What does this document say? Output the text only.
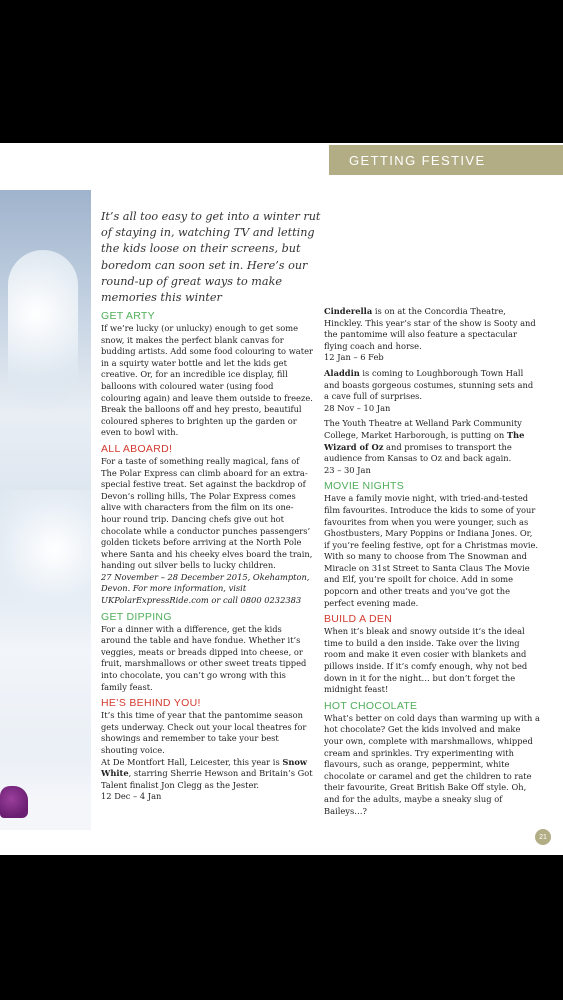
GETTING FESTIVE
It’s all too easy to get into a winter rut of staying in, watching TV and letting the kids loose on their screens, but boredom can soon set in. Here’s our round-up of great ways to make memories this winter
GET ARTY

If we’re lucky (or unlucky) enough to get some snow, it makes the perfect blank canvas for budding artists. Add some food colouring to water in a squirty water bottle and let the kids get creative. Or, for an incredible ice display, fill balloons with coloured water (using food colouring again) and leave them outside to freeze. Break the balloons off and hey presto, beautiful coloured spheres to brighten up the garden or even to bowl with.

ALL ABOARD!

For a taste of something really magical, fans of The Polar Express can climb aboard for an extra-special festive treat. Set against the backdrop of Devon’s rolling hills, The Polar Express comes alive with characters from the film on its one-hour round trip. Dancing chefs give out hot chocolate while a conductor punches passengers’ golden tickets before arriving at the North Pole where Santa and his cheeky elves board the train, handing out silver bells to lucky children.

27 November – 28 December 2015, Okehampton, Devon. For more information, visit UKPolarExpressRide.com or call 0800 0232383

GET DIPPING

For a dinner with a difference, get the kids around the table and have fondue. Whether it’s veggies, meats or breads dipped into cheese, or fruit, marshmallows or other sweet treats tipped into chocolate, you can’t go wrong with this family feast.

HE’S BEHIND YOU!

It’s this time of year that the pantomime season gets underway. Check out your local theatres for showings and remember to take your best shouting voice.

At De Montfort Hall, Leicester, this year is Snow White, starring Sherrie Hewson and Britain’s Got Talent finalist Jon Clegg as the Jester.

12 Dec – 4 Jan

Cinderella is on at the Concordia Theatre, Hinckley. This year’s star of the show is Sooty and the pantomime will also feature a spectacular flying coach and horse.

12 Jan – 6 Feb

Aladdin is coming to Loughborough Town Hall and boasts gorgeous costumes, stunning sets and a cave full of surprises.

28 Nov – 10 Jan

The Youth Theatre at Welland Park Community College, Market Harborough, is putting on The Wizard of Oz and promises to transport the audience from Kansas to Oz and back again.

23 – 30 Jan

MOVIE NIGHTS

Have a family movie night, with tried-and-tested film favourites. Introduce the kids to some of your favourites from when you were younger, such as Ghostbusters, Mary Poppins or Indiana Jones. Or, if you’re feeling festive, opt for a Christmas movie. With so many to choose from The Snowman and Miracle on 31st Street to Santa Claus The Movie and Elf, you’re spoilt for choice. Add in some popcorn and other treats and you’ve got the perfect evening made.

BUILD A DEN

When it’s bleak and snowy outside it’s the ideal time to build a den inside. Take over the living room and make it even cosier with blankets and pillows inside. If it’s comfy enough, why not bed down in it for the night… but don’t forget the midnight feast!

HOT CHOCOLATE

What’s better on cold days than warming up with a hot chocolate? Get the kids involved and make your own, complete with marshmallows, whipped cream and sprinkles. Try experimenting with flavours, such as orange, peppermint, white chocolate or caramel and get the children to rate their favourite, Great British Bake Off style. Oh, and for the adults, maybe a sneaky slug of Baileys…?

21
